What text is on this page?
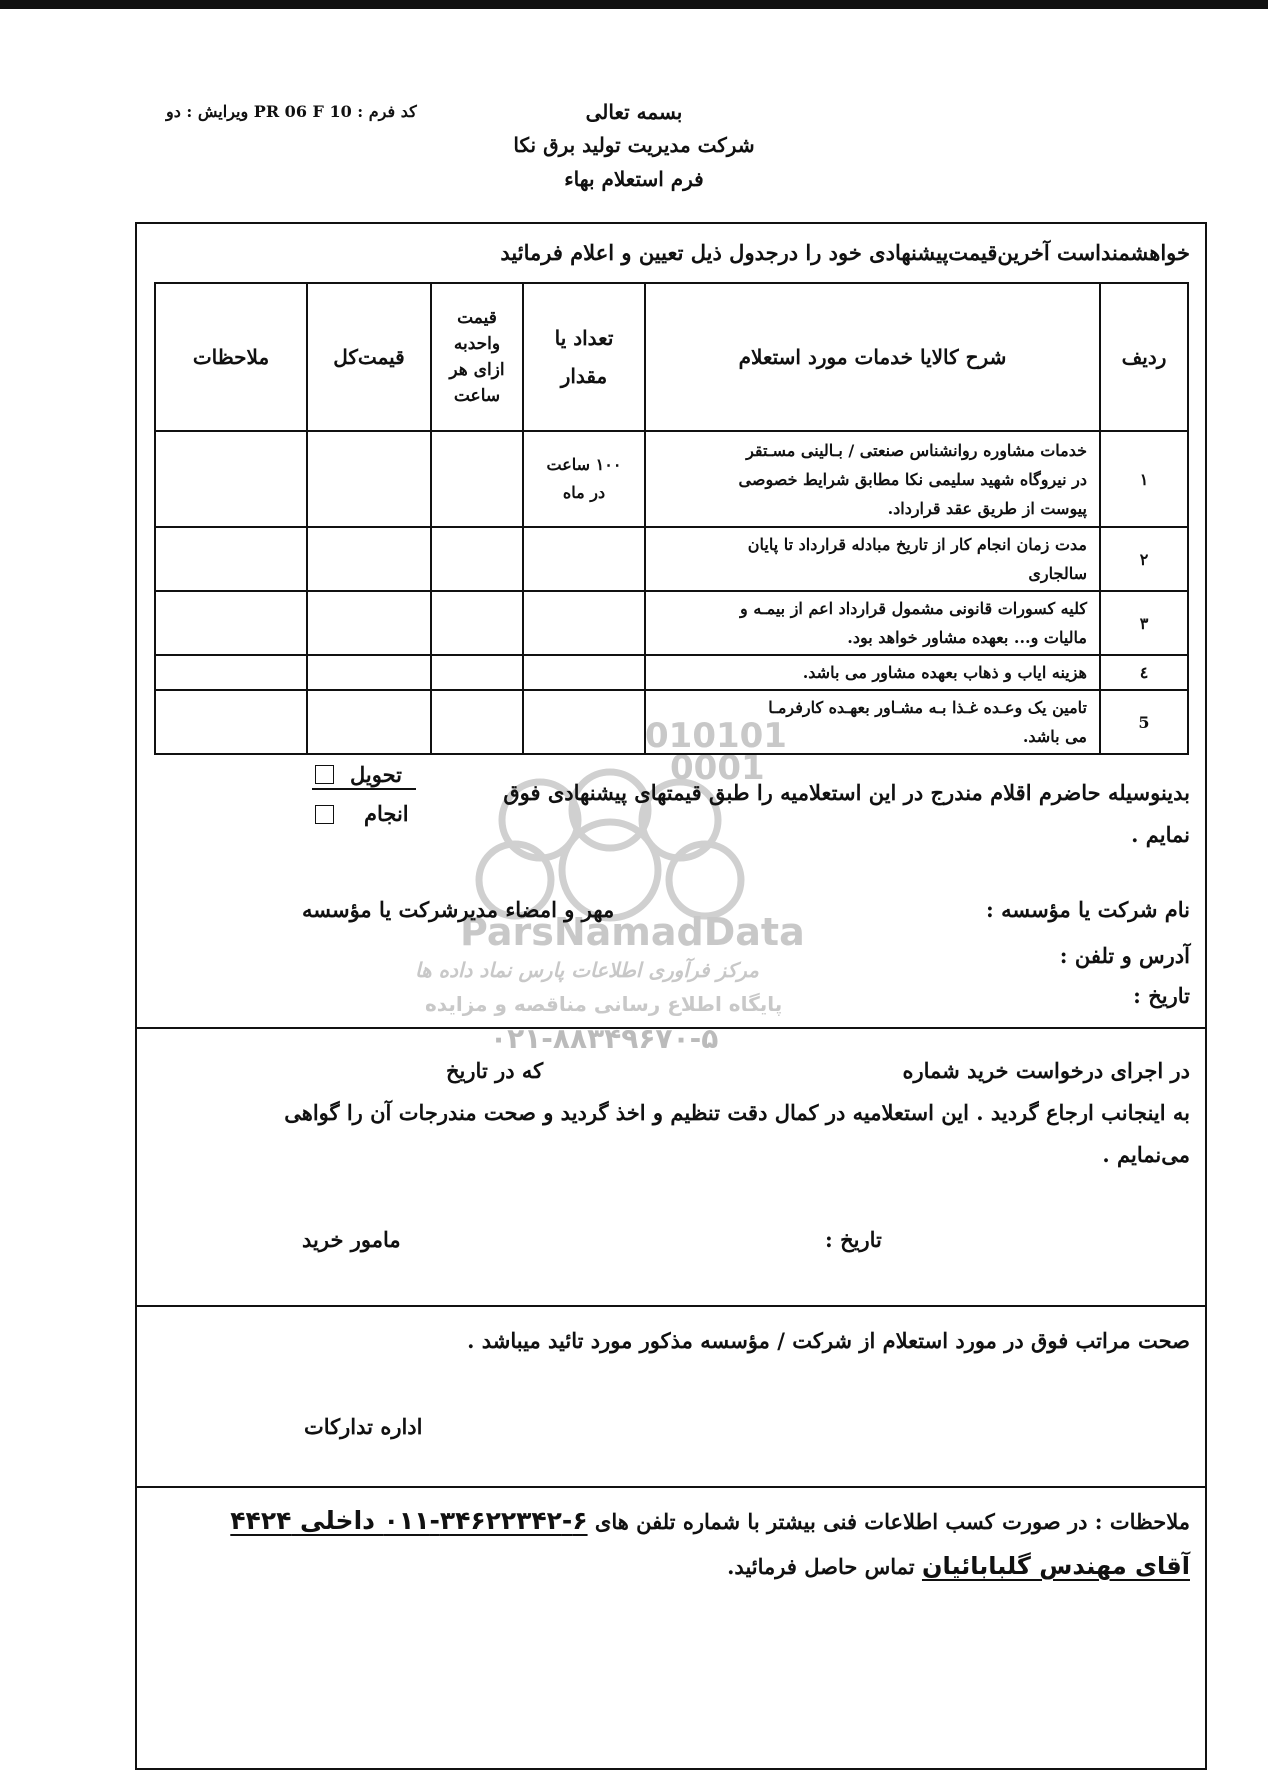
کد فرم : PR 06 F 10 ویرایش : دو	بسمه تعالی
شرکت مدیریت تولید برق نکا
فرم استعلام بهاء
010101
0001
ParsNamadData
مرکز فرآوری اطلاعات پارس نماد داده ها
پایگاه اطلاع رسانی مناقصه و مزایده
۰۲۱-۸۸۳۴۹۶۷۰-۵
خواهشمنداست آخرین‌قیمت‌پیشنهادی خود را درجدول ذیل تعیین و اعلام فرمائید
ردیف	شرح کالایا خدمات مورد استعلام	تعداد یا
مقدار	قیمت
واحدبه
ازای هر
ساعت	قیمت‌کل	ملاحظات
۱	خدمات مشاوره روانشناس صنعتی / بـالینی مسـتقر
در نیروگاه شهید سلیمی نکا مطابق شرایط خصوصی
پیوست از طریق عقد قرارداد.	۱۰۰ ساعت
در ماه			
۲	مدت زمان انجام کار از تاریخ مبادله قرارداد تا پایان
سالجاری				
۳	کلیه کسورات قانونی مشمول قرارداد اعم از بیمـه و
مالیات و... بعهده مشاور خواهد بود.				
٤	هزینه ایاب و ذهاب بعهده مشاور می باشد.				
5	تامین یک وعـده غـذا بـه مشـاور بعهـده کارفرمـا
می باشد.				
بدینوسیله حاضرم اقلام مندرج در این استعلامیه را طبق قیمتهای پیشنهادی فوق
نمایم .
تحویل
انجام
نام شرکت یا مؤسسه :
مهر و امضاء مدیرشرکت یا مؤسسه
آدرس و تلفن :
تاریخ :
در اجرای درخواست خرید شماره
که در تاریخ
به اینجانب ارجاع گردید . این استعلامیه در کمال دقت تنظیم و اخذ گردید و صحت مندرجات آن را گواهی
می‌نمایم .
تاریخ :
مامور خرید
صحت مراتب فوق در مورد استعلام از شرکت / مؤسسه مذکور مورد تائید میباشد .
اداره تدارکات
ملاحظات : در صورت کسب اطلاعات فنی بیشتر با شماره تلفن های ۶-۳۴۶۲۲۳۴۲-۰۱۱ داخلی ۴۴۲۴
آقای مهندس گلبابائیان تماس حاصل فرمائید.
